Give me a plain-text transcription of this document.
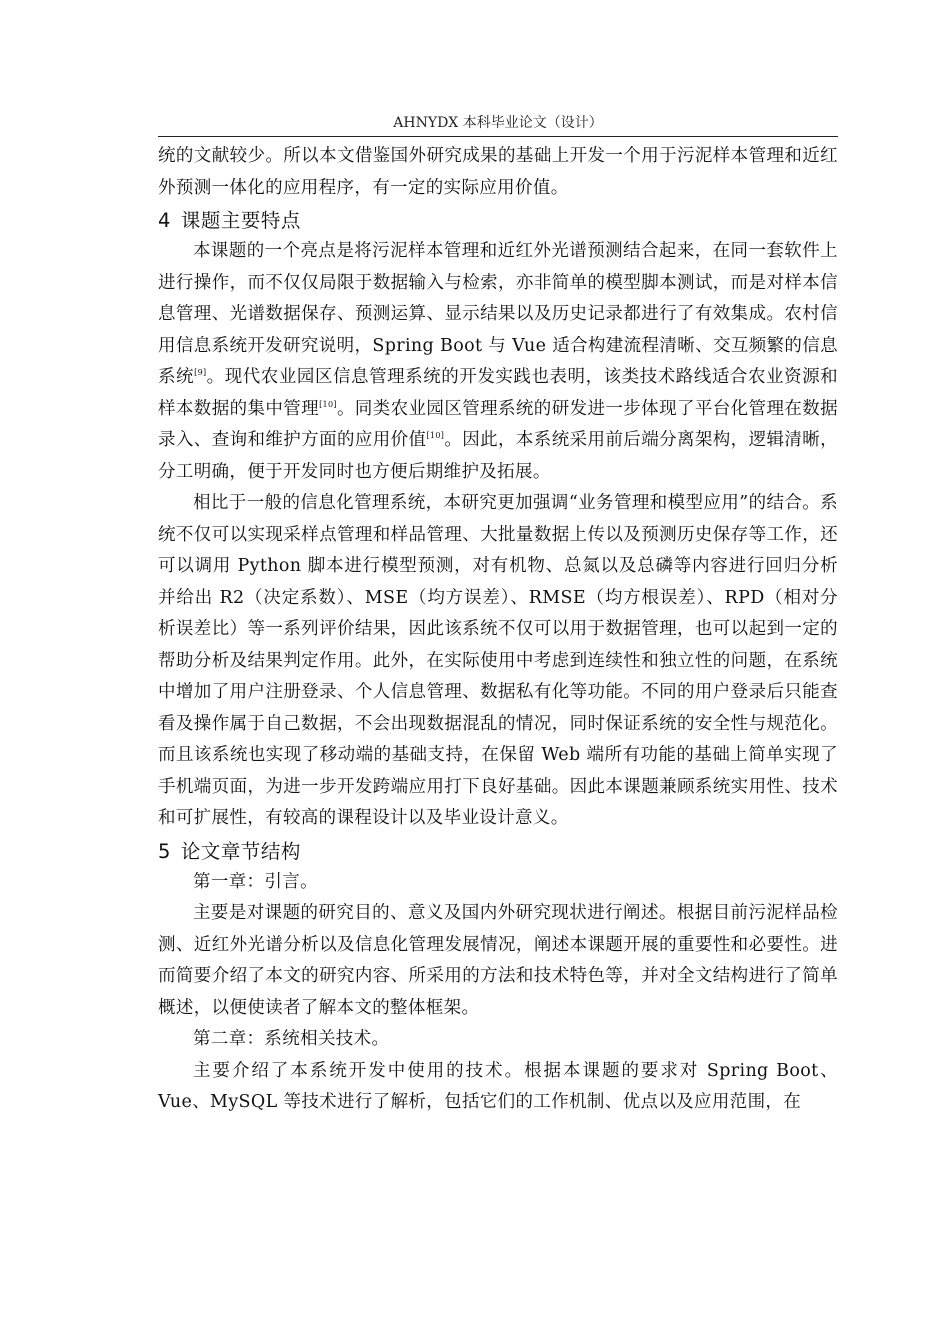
AHNYDX 本科毕业论文（设计）

统的文献较少。所以本文借鉴国外研究成果的基础上开发一个用于污泥样本管理和近红外预测一体化的应用程序，有一定的实际应用价值。

4 课题主要特点

本课题的一个亮点是将污泥样本管理和近红外光谱预测结合起来，在同一套软件上进行操作，而不仅仅局限于数据输入与检索，亦非简单的模型脚本测试，而是对样本信息管理、光谱数据保存、预测运算、显示结果以及历史记录都进行了有效集成。农村信用信息系统开发研究说明，Spring Boot 与 Vue 适合构建流程清晰、交互频繁的信息系统[9]。现代农业园区信息管理系统的开发实践也表明，该类技术路线适合农业资源和样本数据的集中管理[10]。同类农业园区管理系统的研发进一步体现了平台化管理在数据录入、查询和维护方面的应用价值[10]。因此，本系统采用前后端分离架构，逻辑清晰，分工明确，便于开发同时也方便后期维护及拓展。

相比于一般的信息化管理系统，本研究更加强调“业务管理和模型应用”的结合。系统不仅可以实现采样点管理和样品管理、大批量数据上传以及预测历史保存等工作，还可以调用 Python 脚本进行模型预测，对有机物、总氮以及总磷等内容进行回归分析并给出 R2（决定系数）、MSE（均方误差）、RMSE（均方根误差）、RPD（相对分析误差比）等一系列评价结果，因此该系统不仅可以用于数据管理，也可以起到一定的帮助分析及结果判定作用。此外，在实际使用中考虑到连续性和独立性的问题，在系统中增加了用户注册登录、个人信息管理、数据私有化等功能。不同的用户登录后只能查看及操作属于自己数据，不会出现数据混乱的情况，同时保证系统的安全性与规范化。而且该系统也实现了移动端的基础支持，在保留 Web 端所有功能的基础上简单实现了手机端页面，为进一步开发跨端应用打下良好基础。因此本课题兼顾系统实用性、技术和可扩展性，有较高的课程设计以及毕业设计意义。

5 论文章节结构

第一章：引言。

主要是对课题的研究目的、意义及国内外研究现状进行阐述。根据目前污泥样品检测、近红外光谱分析以及信息化管理发展情况，阐述本课题开展的重要性和必要性。进而简要介绍了本文的研究内容、所采用的方法和技术特色等，并对全文结构进行了简单概述，以便使读者了解本文的整体框架。

第二章：系统相关技术。

主要介绍了本系统开发中使用的技术。根据本课题的要求对 Spring Boot、Vue、MySQL 等技术进行了解析，包括它们的工作机制、优点以及应用范围，在
